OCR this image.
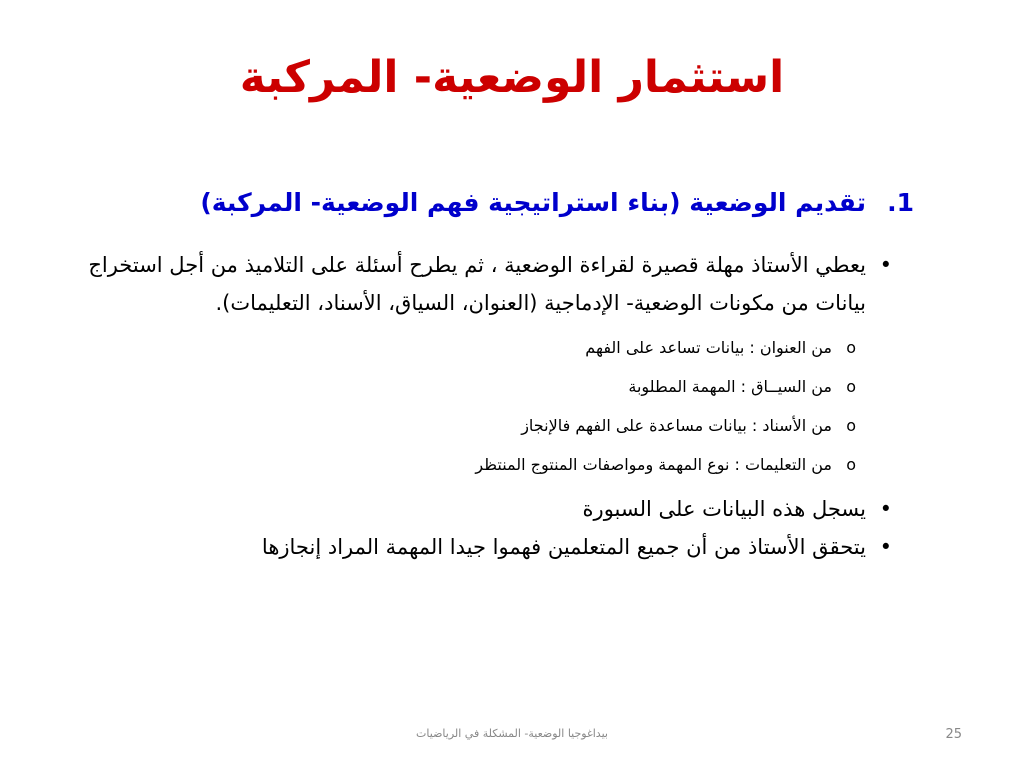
استثمار الوضعية- المركبة
1.
تقديم الوضعية (بناء استراتيجية فهم الوضعية- المركبة)
•
يعطي الأستاذ مهلة قصيرة لقراءة الوضعية ، ثم يطرح أسئلة على التلاميذ من أجل استخراج بيانات من مكونات الوضعية- الإدماجية (العنوان، السياق، الأسناد، التعليمات).
o
من العنوان : بيانات تساعد على الفهم
o
من السيــاق : المهمة المطلوبة
o
من الأسناد : بيانات مساعدة على الفهم فالإنجاز
o
من التعليمات : نوع المهمة ومواصفات المنتوج المنتظر
•
يسجل هذه البيانات على السبورة
•
يتحقق الأستاذ من أن جميع المتعلمين فهموا جيدا المهمة المراد إنجازها
بيداغوجيا الوضعية- المشكلة في الرياضيات	25
